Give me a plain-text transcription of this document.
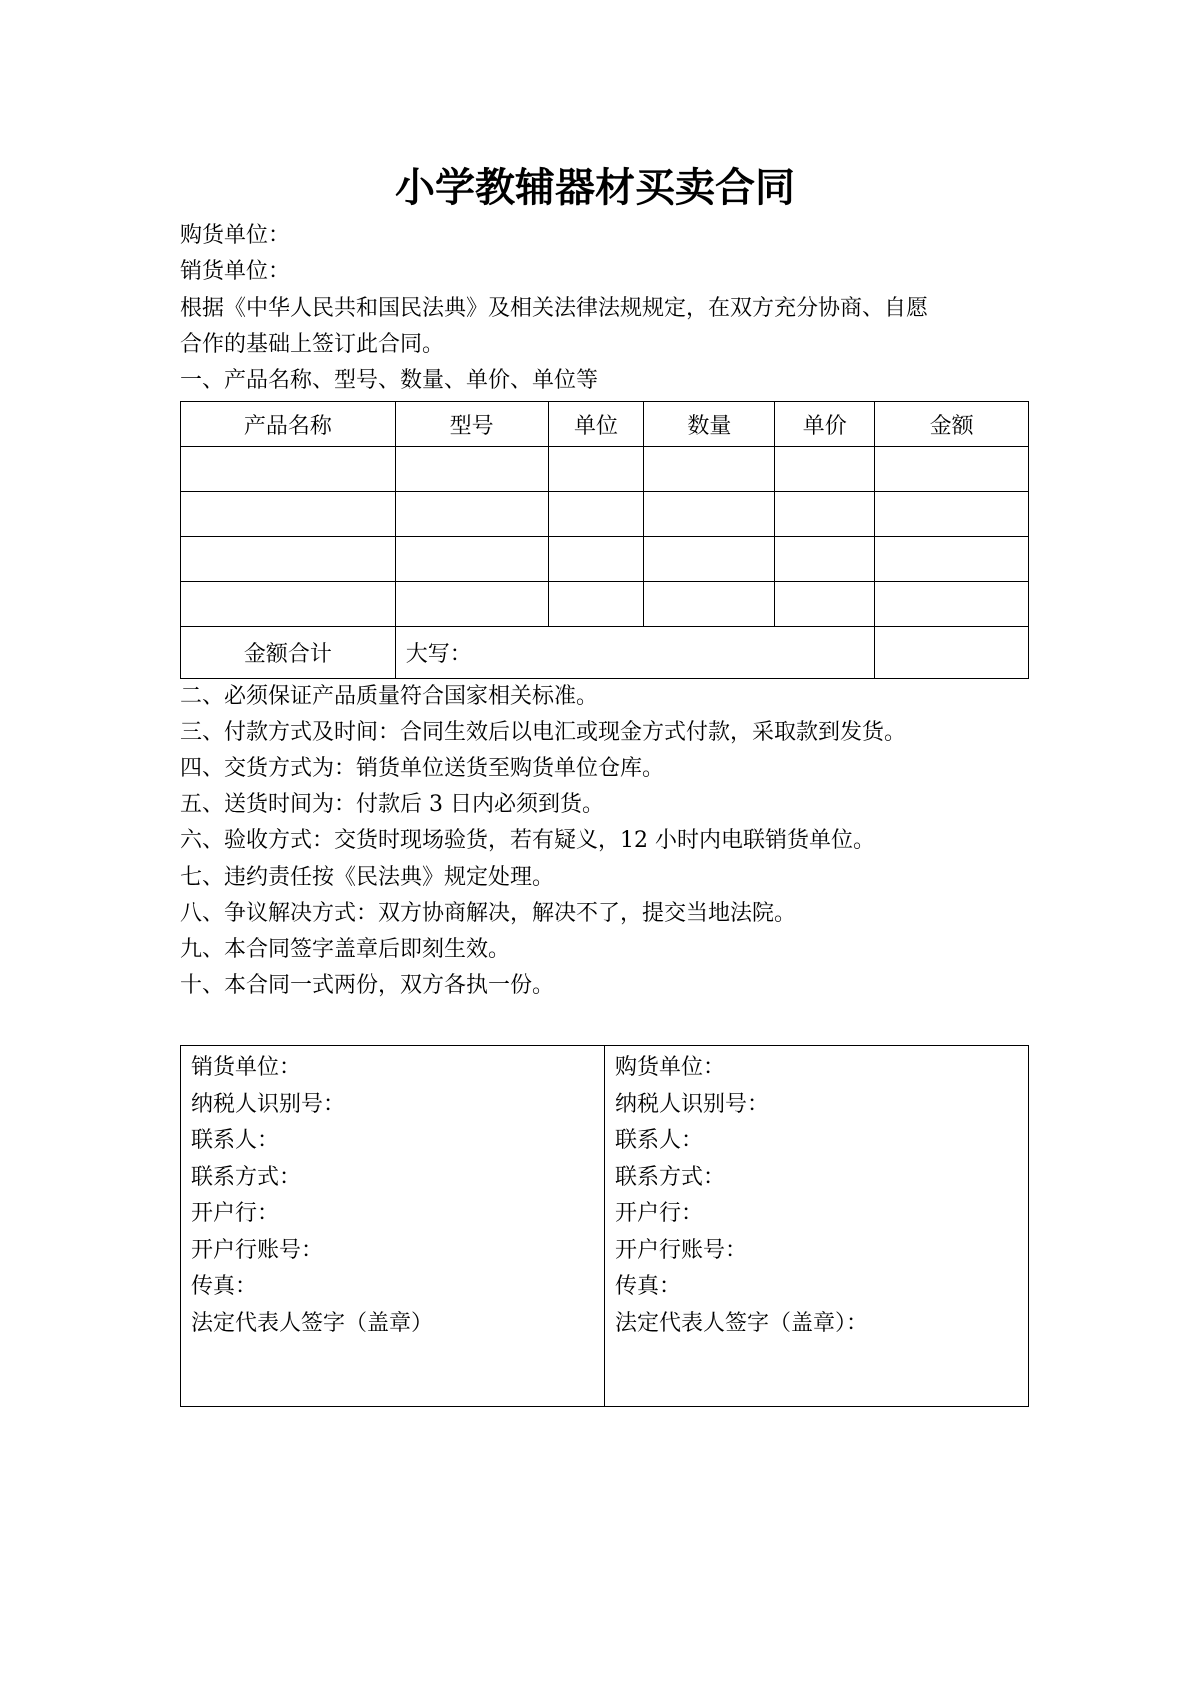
小学教辅器材买卖合同
购货单位：
销货单位：
根据《中华人民共和国民法典》及相关法律法规规定，在双方充分协商、自愿
合作的基础上签订此合同。
一、产品名称、型号、数量、单价、单位等
产品名称	型号	单位	数量	单价	金额

金额合计	大写：				
二、必须保证产品质量符合国家相关标准。
三、付款方式及时间：合同生效后以电汇或现金方式付款，采取款到发货。
四、交货方式为：销货单位送货至购货单位仓库。
五、送货时间为：付款后 3 日内必须到货。
六、验收方式：交货时现场验货，若有疑义，12 小时内电联销货单位。
七、违约责任按《民法典》规定处理。
八、争议解决方式：双方协商解决，解决不了，提交当地法院。
九、本合同签字盖章后即刻生效。
十、本合同一式两份，双方各执一份。
销货单位：
纳税人识别号：
联系人：
联系方式：
开户行：
开户行账号：
传真：
法定代表人签字（盖章）

购货单位：
纳税人识别号：
联系人：
联系方式：
开户行：
开户行账号：
传真：
法定代表人签字（盖章）：
